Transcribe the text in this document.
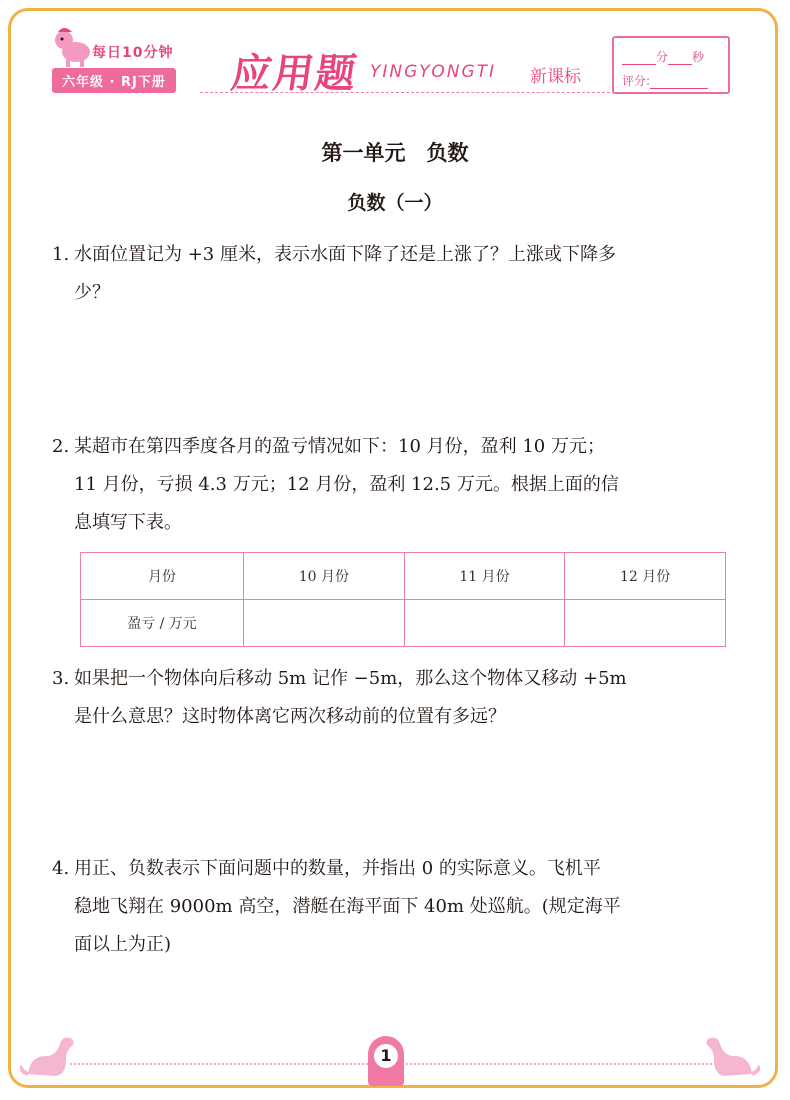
每日10分钟
六年级 · RJ下册 应用题 YINGYONGTI 新课标
分 秒
评分:
第一单元　负数
负数（一）
1. 水面位置记为 +3 厘米，表示水面下降了还是上涨了？上涨或下降多
少？
2. 某超市在第四季度各月的盈亏情况如下：10 月份，盈利 10 万元；
11 月份，亏损 4.3 万元；12 月份，盈利 12.5 万元。根据上面的信
息填写下表。
月份	10 月份	11 月份	12 月份
盈亏 / 万元			
3. 如果把一个物体向后移动 5m 记作 −5m，那么这个物体又移动 +5m
是什么意思？这时物体离它两次移动前的位置有多远？
4. 用正、负数表示下面问题中的数量，并指出 0 的实际意义。飞机平
稳地飞翔在 9000m 高空，潜艇在海平面下 40m 处巡航。(规定海平
面以上为正)
1
